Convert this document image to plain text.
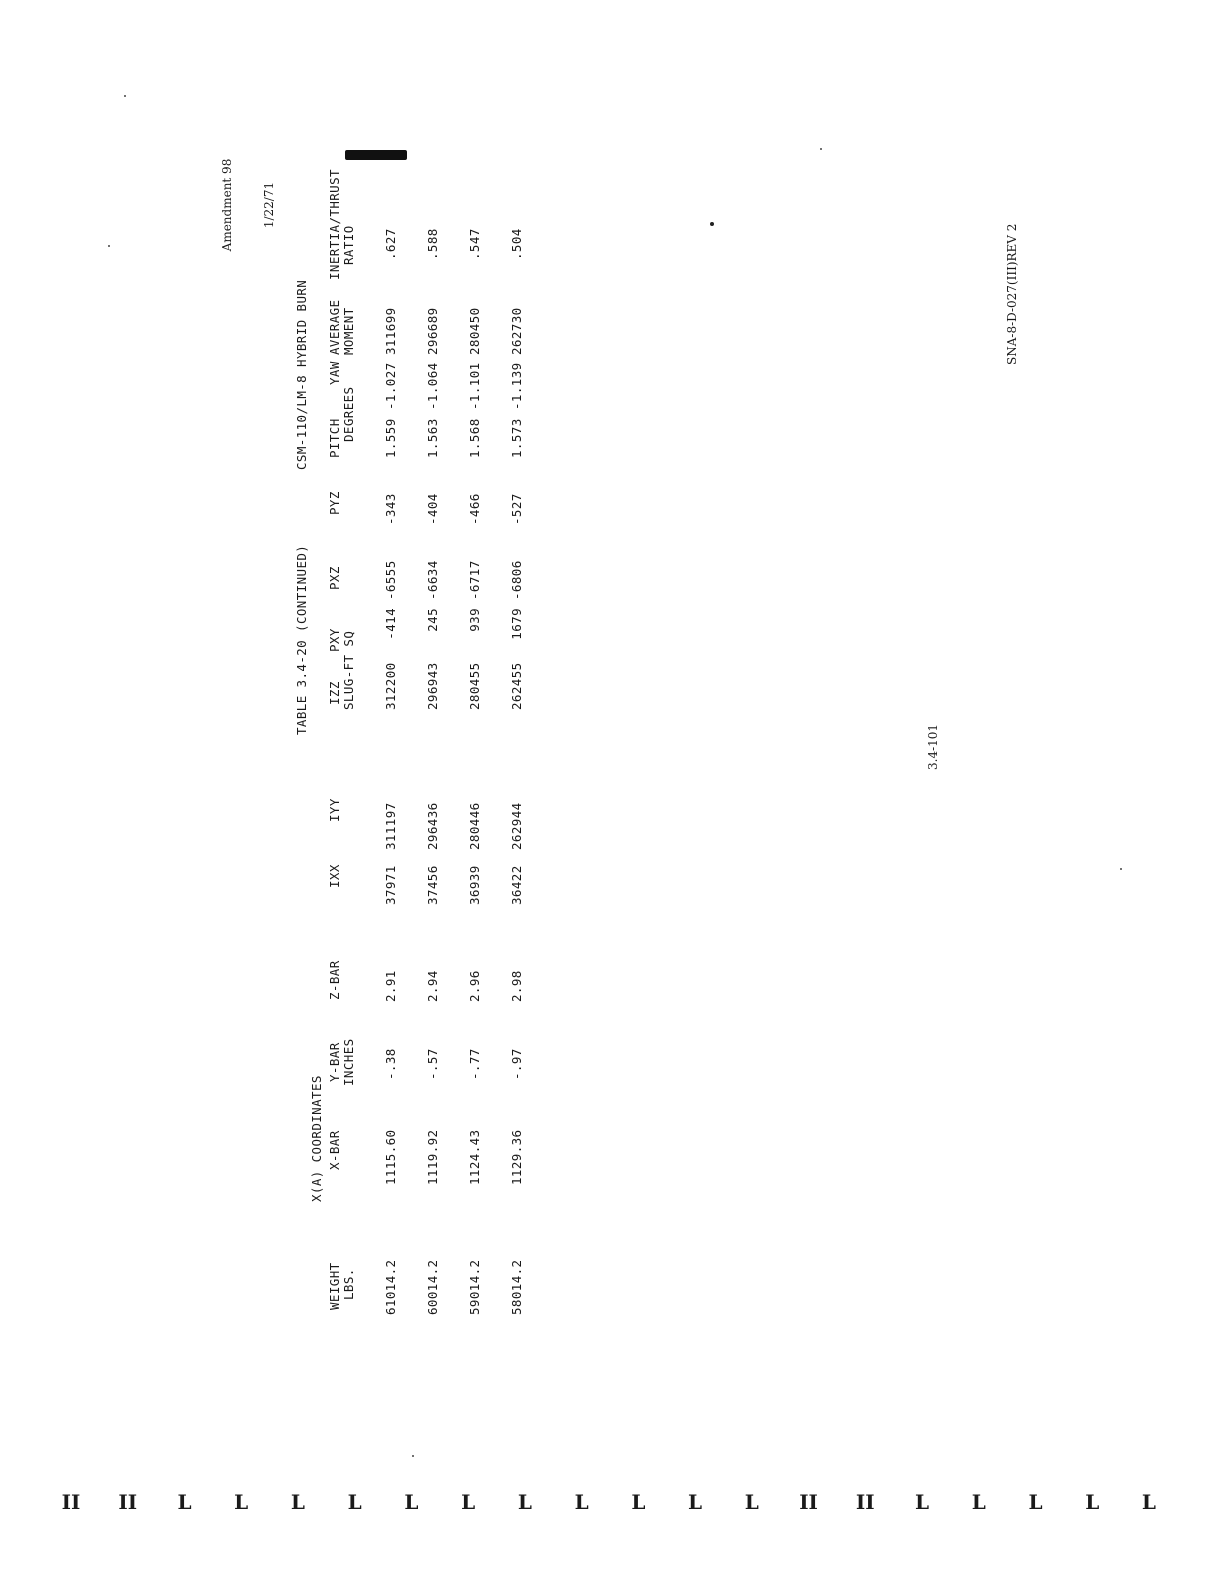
Amendment 98

1/22/71

TABLE 3.4-20 (CONTINUED)
CSM-110/LM-8 HYBRID BURN
X(A) COORDINATES
WEIGHT
X-BAR
Y-BAR
Z-BAR
IXX
IYY
IZZ
PXY
PXZ
PYZ
PITCH
YAW
AVERAGE
INERTIA/THRUST
LBS.
INCHES
SLUG-FT SQ
DEGREES
MOMENT
RATIO

61014.2

60014.2

59014.2

58014.2

1115.60

1119.92

1124.43

1129.36

-.38

-.57

-.77

-.97

2.91

2.94

2.96

2.98

37971

37456

36939

36422

311197

296436

280446

262944

312200

296943

280455

262455

-414

245

939

1679

-6555

-6634

-6717

-6806

-343

-404

-466

-527

1.559

1.563

1.568

1.573

-1.027

-1.064

-1.101

-1.139

311699

296689

280450

262730

.627

.588

.547

.504

3.4-101
SNA-8-D-027(III)REV 2
II II L L L L L L L L L L L II II L L L L L
